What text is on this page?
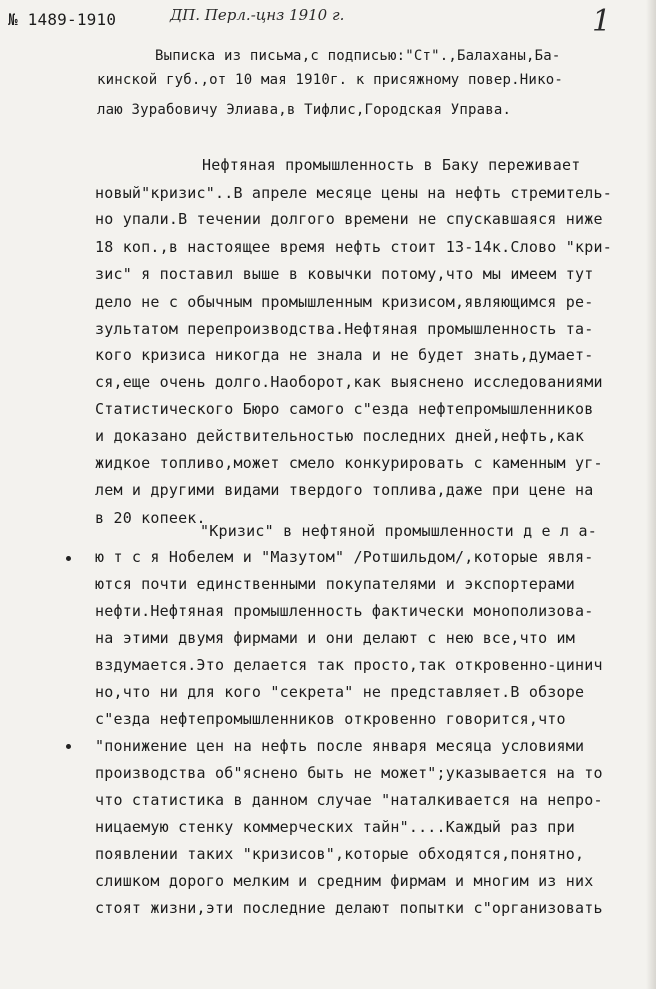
№ 1489-1910	ДП. Перл.-цнз 1910 г.	1
Выписка из письма,с подписью:"Ст".,Балаханы,Ба-
кинской губ.,от 10 мая 1910г. к присяжному повер.Нико-
лаю Зурабовичу Элиава,в Тифлис,Городская Управа.
Нефтяная промышленность в Баку переживает
новый"кризис"..В апреле месяце цены на нефть стремитель-
но упали.В течении долгого времени не спускавшаяся ниже
18 коп.,в настоящее время нефть стоит 13-14к.Слово "кри-
зис" я поставил выше в ковычки потому,что мы имеем тут
дело не с обычным промышленным кризисом,являющимся ре-
зультатом перепроизводства.Нефтяная промышленность та-
кого кризиса никогда не знала и не будет знать,думает-
ся,еще очень долго.Наоборот,как выяснено исследованиями
Статистического Бюро самого с"езда нефтепромышленников
и доказано действительностью последних дней,нефть,как
жидкое топливо,может смело конкурировать с каменным уг-
лем и другими видами твердого топлива,даже при цене на
в 20 копеек.
"Кризис" в нефтяной промышленности д е л а-
ю т с я Нобелем и "Мазутом" /Ротшильдом/,которые явля-
ются почти единственными покупателями и экспортерами
нефти.Нефтяная промышленность фактически монополизова-
на этими двумя фирмами и они делают с нею все,что им
вздумается.Это делается так просто,так откровенно-цинич
но,что ни для кого "секрета" не представляет.В обзоре
с"езда нефтепромышленников откровенно говорится,что
"понижение цен на нефть после января месяца условиями
производства об"яснено быть не может";указывается на то
что статистика в данном случае "наталкивается на непро-
ницаемую стенку коммерческих тайн"....Каждый раз при
появлении таких "кризисов",которые обходятся,понятно,
слишком дорого мелким и средним фирмам и многим из них
стоят жизни,эти последние делают попытки с"организовать
